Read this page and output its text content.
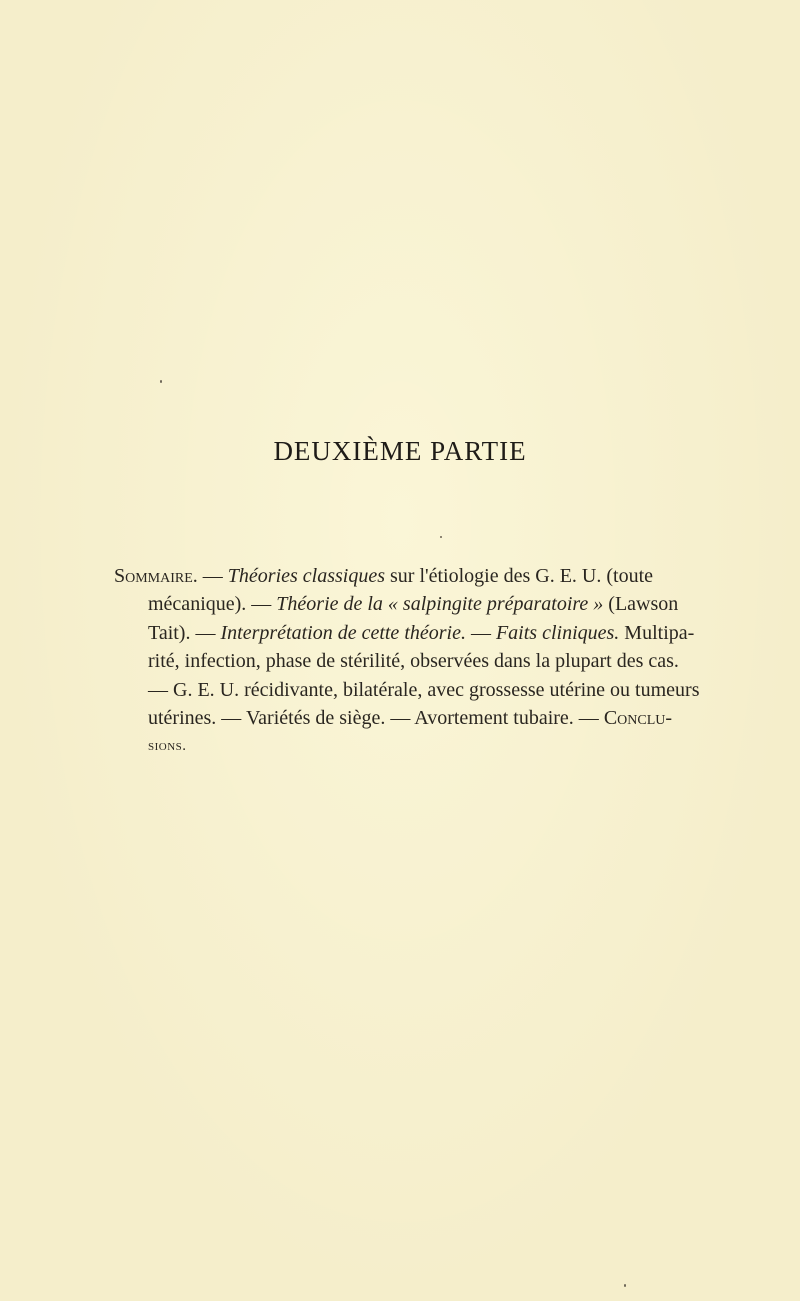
DEUXIÈME PARTIE
Sommaire. — Théories classiques sur l'étiologie des G. E. U. (toute
mécanique). — Théorie de la « salpingite préparatoire » (Lawson
Tait). — Interprétation de cette théorie. — Faits cliniques. Multipa-
rité, infection, phase de stérilité, observées dans la plupart des cas.
— G. E. U. récidivante, bilatérale, avec grossesse utérine ou tumeurs
utérines. — Variétés de siège. — Avortement tubaire. — Conclu-
sions.
